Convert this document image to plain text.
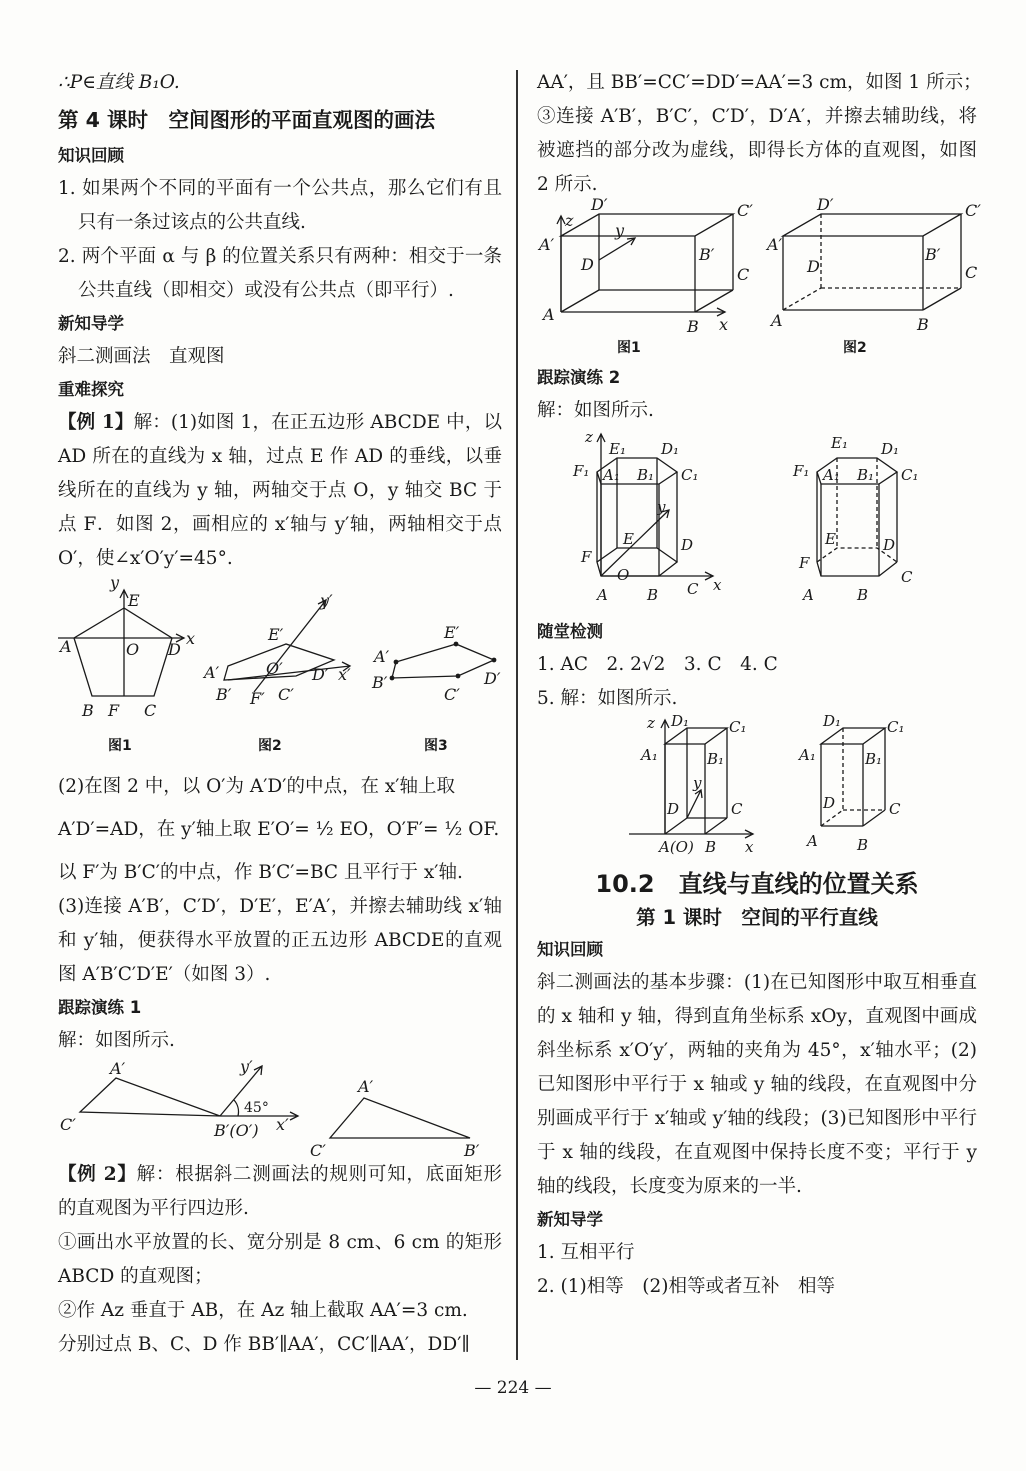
∴P∈直线 B₁O.
第 4 课时　空间图形的平面直观图的画法
知识回顾
1. 如果两个不同的平面有一个公共点，那么它们有且只有一条过该点的公共直线.
2. 两个平面 α 与 β 的位置关系只有两种：相交于一条公共直线（即相交）或没有公共点（即平行）.
新知导学
斜二测画法　直观图
重难探究
【例 1】解：(1)如图 1，在正五边形 ABCDE 中，以 AD 所在的直线为 x 轴，过点 E 作 AD 的垂线，以垂线所在的直线为 y 轴，两轴交于点 O，y 轴交 BC 于点 F．如图 2，画相应的 x′轴与 y′轴，两轴相交于点 O′，使∠x′O′y′=45°.
y
E
A	O D
x
B F C
y′
E′
A′	O′ D′ x′
B′ F′ C′
E′
A′
D′
B′
C′
图1	图2	图3
(2)在图 2 中，以 O′为 A′D′的中点，在 x′轴上取
A′D′=AD，在 y′轴上取 E′O′= ½ EO，O′F′= ½ OF.
以 F′为 B′C′的中点，作 B′C′=BC 且平行于 x′轴.
(3)连接 A′B′，C′D′，D′E′，E′A′，并擦去辅助线 x′轴和 y′轴，便获得水平放置的正五边形 ABCDE的直观图 A′B′C′D′E′（如图 3）.
跟踪演练 1
解：如图所示.
A′
C′
y′
45°
B′(O′) x′
A′
C′	B′
【例 2】解：根据斜二测画法的规则可知，底面矩形的直观图为平行四边形.
①画出水平放置的长、宽分别是 8 cm、6 cm 的矩形 ABCD 的直观图；
②作 Az 垂直于 AB，在 Az 轴上截取 AA′=3 cm.
分别过点 B、C、D 作 BB′∥AA′，CC′∥AA′，DD′∥
AA′，且 BB′=CC′=DD′=AA′=3 cm，如图 1 所示；
③连接 A′B′，B′C′，C′D′，D′A′，并擦去辅助线，将被遮挡的部分改为虚线，即得长方体的直观图，如图 2 所示.
D′	C′
z
y
A′
D
B′
C
A
B x
D′	C′
A′
D
B′
C
A	B
图1	图2
跟踪演练 2
解：如图所示.
z
E₁ D₁
F₁ A₁ B₁ C₁
y
F
E	D
O
C x
A	B
E₁ D₁
F₁ A₁ B₁ C₁
E	D
F
C
A	B
随堂检测
1. AC　2. 2√2　3. C　4. C
5. 解：如图所示.
z D₁	C₁
A₁	B₁
y
D	C
A(O) B x
D₁	C₁
A₁	B₁
D	C
A	B
10.2　直线与直线的位置关系
第 1 课时　空间的平行直线
知识回顾
斜二测画法的基本步骤：(1)在已知图形中取互相垂直的 x 轴和 y 轴，得到直角坐标系 xOy，直观图中画成斜坐标系 x′O′y′，两轴的夹角为 45°，x′轴水平；(2)已知图形中平行于 x 轴或 y 轴的线段，在直观图中分别画成平行于 x′轴或 y′轴的线段；(3)已知图形中平行于 x 轴的线段，在直观图中保持长度不变；平行于 y 轴的线段，长度变为原来的一半.
新知导学
1. 互相平行
2. (1)相等　(2)相等或者互补　相等
— 224 —
